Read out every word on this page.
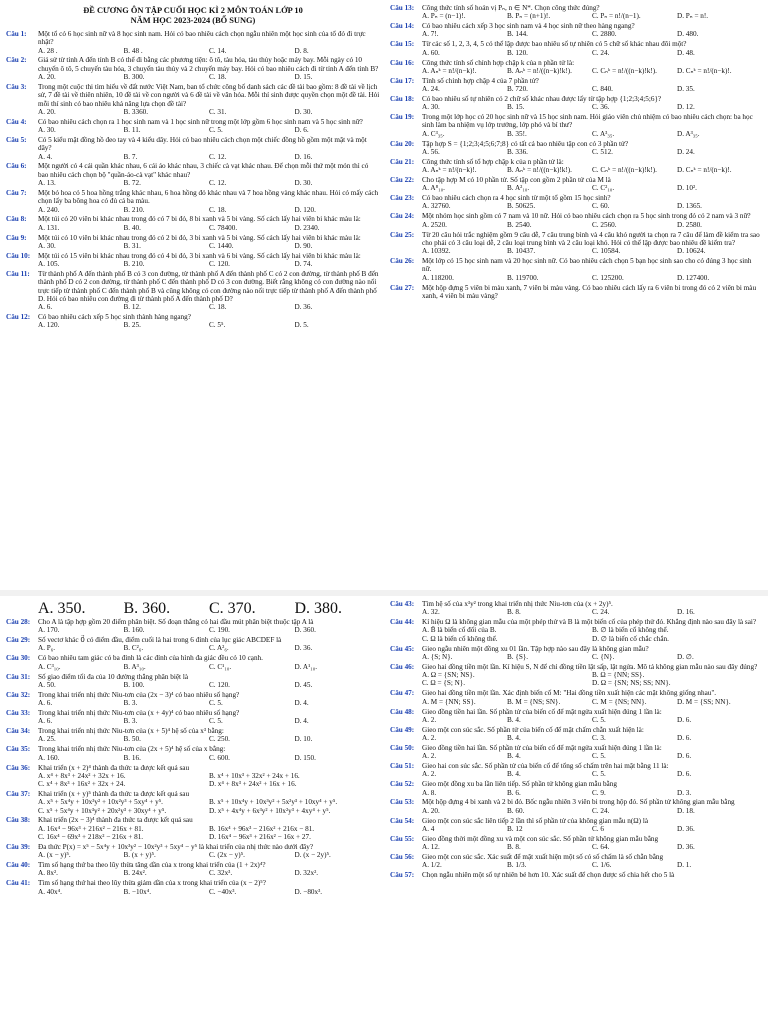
ĐỀ CƯƠNG ÔN TẬP CUỐI HỌC KÌ 2 MÔN TOÁN LỚP 10
NĂM HỌC 2023-2024 (BỔ SUNG)
Câu 1:	Một tổ có 6 học sinh nữ và 8 học sinh nam. Hỏi có bao nhiêu cách chọn ngẫu nhiên một học sinh của tổ đó đi trực nhật?
A. 28 .	B. 48 .	C. 14.	D. 8.
Câu 2:	Giả sử từ tỉnh A đến tỉnh B có thể đi bằng các phương tiện: ô tô, tàu hỏa, tàu thủy hoặc máy bay. Mỗi ngày có 10 chuyến ô tô, 5 chuyến tàu hỏa, 3 chuyến tàu thủy và 2 chuyến máy bay. Hỏi có bao nhiêu cách đi từ tỉnh A đến tỉnh B?
A. 20.	B. 300.	C. 18.	D. 15.
Câu 3:	Trong một cuộc thi tìm hiểu về đất nước Việt Nam, ban tổ chức công bố danh sách các đề tài bao gồm: 8 đề tài về lịch sử, 7 đề tài về thiên nhiên, 10 đề tài về con người và 6 đề tài về văn hóa. Mỗi thí sinh được quyền chọn một đề tài. Hỏi mỗi thí sinh có bao nhiêu khả năng lựa chọn đề tài?
A. 20.	B. 3360.	C. 31.	D. 30.
Câu 4:	Có bao nhiêu cách chọn ra 1 học sinh nam và 1 học sinh nữ trong một lớp gồm 6 học sinh nam và 5 học sinh nữ?
A. 30.	B. 11.	C. 5.	D. 6.
Câu 5:	Có 5 kiểu mặt đồng hồ đeo tay và 4 kiểu dây. Hỏi có bao nhiêu cách chọn một chiếc đồng hồ gồm một mặt và một dây?
A. 4.	B. 7.	C. 12.	D. 16.
Câu 6:	Một người có 4 cái quần khác nhau, 6 cái áo khác nhau, 3 chiếc cà vạt khác nhau. Để chọn mỗi thứ một món thì có bao nhiêu cách chọn bộ "quần-áo-cà vạt" khác nhau?
A. 13.	B. 72.	C. 12.	D. 30.
Câu 7:	Một bó hoa có 5 hoa hồng trắng khác nhau, 6 hoa hồng đỏ khác nhau và 7 hoa hồng vàng khác nhau. Hỏi có mấy cách chọn lấy ba bông hoa có đủ cả ba màu.
A. 240.	B. 210.	C. 18.	D. 120.
Câu 8:	Một túi có 20 viên bi khác nhau trong đó có 7 bi đỏ, 8 bi xanh và 5 bi vàng. Số cách lấy hai viên bi khác màu là:
A. 131.	B. 40.	C. 78400.	D. 2340.
Câu 9:	Một túi có 10 viên bi khác nhau trong đó có 2 bi đỏ, 3 bi xanh và 5 bi vàng. Số cách lấy hai viên bi khác màu là:
A. 30.	B. 31.	C. 1440.	D. 90.
Câu 10:	Một túi có 15 viên bi khác nhau trong đó có 4 bi đỏ, 3 bi xanh và 6 bi vàng. Số cách lấy hai viên bi khác màu là:
A. 105.	B. 210.	C. 120.	D. 74.
Câu 11:	Từ thành phố A đến thành phố B có 3 con đường, từ thành phố A đến thành phố C có 2 con đường, từ thành phố B đến thành phố D có 2 con đường, từ thành phố C đến thành phố D có 3 con đường. Biết rằng không có con đường nào nối trực tiếp từ thành phố C đến thành phố B và cũng không có con đường nào nối trực tiếp từ thành phố A đến thành phố D. Hỏi có bao nhiêu con đường đi từ thành phố A đến thành phố D?
A. 6.	B. 12.	C. 18.	D. 36.
Câu 12:	Có bao nhiêu cách xếp 5 học sinh thành hàng ngang?
A. 120.	B. 25.	C. 5⁵.	D. 5.
Câu 13:	Công thức tính số hoán vị Pₙ, n ∈ N*. Chọn công thức đúng?
A. Pₙ = (n−1)!.	B. Pₙ = (n+1)!.	C. Pₙ = n!/(n−1).	D. Pₙ = n!.
Câu 14:	Có bao nhiêu cách xếp 3 học sinh nam và 4 học sinh nữ theo hàng ngang?
A. 7!.	B. 144.	C. 2880.	D. 480.
Câu 15:	Từ các số 1, 2, 3, 4, 5 có thể lập được bao nhiêu số tự nhiên có 5 chữ số khác nhau đôi một?
A. 60.	B. 120.	C. 24.	D. 48.
Câu 16:	Công thức tính số chỉnh hợp chập k của n phần tử là:
A. Aₙᵏ = n!/(n−k)!.	B. Aₙᵏ = n!/((n−k)!k!).	C. Cₙᵏ = n!/((n−k)!k!).	D. Cₙᵏ = n!/(n−k)!.
Câu 17:	Tính số chỉnh hợp chập 4 của 7 phần tử?
A. 24.	B. 720.	C. 840.	D. 35.
Câu 18:	Có bao nhiêu số tự nhiên có 2 chữ số khác nhau được lấy từ tập hợp {1;2;3;4;5;6}?
A. 30.	B. 15.	C. 36.	D. 12.
Câu 19:	Trong một lớp học có 20 học sinh nữ và 15 học sinh nam. Hỏi giáo viên chủ nhiệm có bao nhiêu cách chọn: ba học sinh làm ba nhiệm vụ lớp trưởng, lớp phó và bí thư?
A. C³₃₅.	B. 35!.	C. A³₃₅.	D. A³₃₅.
Câu 20:	Tập hợp S = {1;2;3;4;5;6;7;8} có tất cả bao nhiêu tập con có 3 phần tử?
A. 56.	B. 336.	C. 512.	D. 24.
Câu 21:	Công thức tính số tổ hợp chập k của n phần tử là:
A. Aₙᵏ = n!/(n−k)!.	B. Aₙᵏ = n!/((n−k)!k!).	C. Cₙᵏ = n!/((n−k)!k!).	D. Cₙᵏ = n!/(n−k)!.
Câu 22:	Cho tập hợp M có 10 phần tử. Số tập con gồm 2 phần tử của M là
A. A⁸₁₀.	B. A²₁₀.	C. C²₁₀.	D. 10².
Câu 23:	Có bao nhiêu cách chọn ra 4 học sinh từ một tổ gồm 15 học sinh?
A. 32760.	B. 50625.	C. 60.	D. 1365.
Câu 24:	Một nhóm học sinh gồm có 7 nam và 10 nữ. Hỏi có bao nhiêu cách chọn ra 5 học sinh trong đó có 2 nam và 3 nữ?
A. 2520.	B. 2540.	C. 2560.	D. 2580.
Câu 25:	Từ 20 câu hỏi trắc nghiệm gồm 9 câu dễ, 7 câu trung bình và 4 câu khó người ta chọn ra 7 câu để làm đề kiểm tra sao cho phải có 3 câu loại dễ, 2 câu loại trung bình và 2 câu loại khó. Hỏi có thể lập được bao nhiêu đề kiểm tra?
A. 10392.	B. 10437.	C. 10584.	D. 10624.
Câu 26:	Một lớp có 15 học sinh nam và 20 học sinh nữ. Có bao nhiêu cách chọn 5 bạn học sinh sao cho có đúng 3 học sinh nữ.
A. 118200.	B. 119700.	C. 125200.	D. 127400.
Câu 27:	Một hộp đựng 5 viên bi màu xanh, 7 viên bi màu vàng. Có bao nhiêu cách lấy ra 6 viên bi trong đó có 2 viên bi màu xanh, 4 viên bi màu vàng?
A. 350.	B. 360.	C. 370.	D. 380.
Câu 28:	Cho A là tập hợp gồm 20 điểm phân biệt. Số đoạn thẳng có hai đầu mút phân biệt thuộc tập A là
A. 170.	B. 160.	C. 190.	D. 360.
Câu 29:	Số vectơ khác 0⃗ có điểm đầu, điểm cuối là hai trong 6 đỉnh của lục giác ABCDEF là
A. P₆.	B. C²₆.	C. A²₆.	D. 36.
Câu 30:	Có bao nhiêu tam giác có ba đỉnh là các đỉnh của hình đa giác đều có 10 cạnh.
A. C³₁₀.	B. A³₁₀.	C. C¹₁₀.	D. A¹₁₀.
Câu 31:	Số giao điểm tối đa của 10 đường thẳng phân biệt là
A. 50.	B. 100.	C. 120.	D. 45.
Câu 32:	Trong khai triển nhị thức Niu-tơn của (2x − 3)⁴ có bao nhiêu số hạng?
A. 6.	B. 3.	C. 5.	D. 4.
Câu 33:	Trong khai triển nhị thức Niu-tơn của (x + 4y)⁴ có bao nhiêu số hạng?
A. 6.	B. 3.	C. 5.	D. 4.
Câu 34:	Trong khai triển nhị thức Niu-tơn của (x + 5)⁴ hệ số của x³ bằng:
A. 25.	B. 50.	C. 250.	D. 10.
Câu 35:	Trong khai triển nhị thức Niu-tơn của (2x + 5)⁴ hệ số của x bằng:
A. 160.	B. 16.	C. 600.	D. 150.
Câu 36:	Khai triển (x + 2)⁴ thành đa thức ta được kết quả sau
A. x⁴ + 8x³ + 24x² + 32x + 16.	B. x⁴ + 10x³ + 32x² + 24x + 16.
C. x⁴ + 8x³ + 16x² + 32x + 24.	D. x⁴ + 8x³ + 24x² + 16x + 16.
Câu 37:	Khai triển (x + y)⁵ thành đa thức ta được kết quả sau
A. x⁵ + 5x⁴y + 10x³y² + 10x²y³ + 5xy⁴ + y⁵.	B. x⁵ + 10x⁴y + 10x³y² + 5x²y³ + 10xy⁴ + y⁵.
C. x⁵ + 5x⁴y + 10x³y² + 20x²y³ + 30xy⁴ + y⁵.	D. x⁵ + 4x⁴y + 6x³y² + 10x²y³ + 4xy⁴ + y⁵.
Câu 38:	Khai triển (2x − 3)⁴ thành đa thức ta được kết quả sau
A. 16x⁴ − 96x³ + 216x² − 216x + 81.	B. 16x⁴ + 96x³ − 216x² + 216x − 81.
C. 16x⁴ − 69x³ + 218x² − 216x + 81.	D. 16x⁴ − 96x³ + 216x² − 16x + 27.
Câu 39:	Đa thức P(x) = x⁵ − 5x⁴y + 10x³y² − 10x²y³ + 5xy⁴ − y⁵ là khai triển của nhị thức nào dưới đây?
A. (x − y)⁵.	B. (x + y)⁵.	C. (2x − y)⁵.	D. (x − 2y)⁵.
Câu 40:	Tìm số hạng thứ ba theo lũy thừa tăng dần của x trong khai triển của (1 + 2x)⁴?
A. 8x².	B. 24x².	C. 32x³.	D. 32x².
Câu 41:	Tìm số hạng thứ hai theo lũy thừa giảm dần của x trong khai triển của (x − 2)⁵?
A. 40x⁴.	B. −10x⁴.	C. −40x³.	D. −80x³.
Câu 43:	Tìm hệ số của x³y² trong khai triển nhị thức Niu-tơn của (x + 2y)⁵.
A. 32.	B. 8.	C. 24.	D. 16.
Câu 44:	Kí hiệu Ω là không gian mẫu của một phép thử và B là một biến cố của phép thử đó. Khẳng định nào sau đây là sai?
A. B̄ là biến cố đối của B.	B. ∅ là biến cố không thể.
C. Ω là biến cố không thể.	D. ∅ là biến cố chắc chắn.
Câu 45:	Gieo ngẫu nhiên một đồng xu 01 lần. Tập hợp nào sau đây là không gian mẫu?
A. {S; N}.	B. {S}.	C. {N}.	D. ∅.
Câu 46:	Gieo hai đồng tiền một lần. Kí hiệu S, N để chỉ đồng tiền lật sấp, lật ngửa. Mô tả không gian mẫu nào sau đây đúng?
A. Ω = {SN; NS}.	B. Ω = {NN; SS}.
C. Ω = {S; N}.	D. Ω = {SN; NS; SS; NN}.
Câu 47:	Gieo hai đồng tiền một lần. Xác định biến cố M: "Hai đồng tiền xuất hiện các mặt không giống nhau".
A. M = {NN; SS}.	B. M = {NS; SN}.	C. M = {NS; NN}.	D. M = {SS; NN}.
Câu 48:	Gieo đồng tiền hai lần. Số phần tử của biến cố để mặt ngửa xuất hiện đúng 1 lần là:
A. 2.	B. 4.	C. 5.	D. 6.
Câu 49:	Gieo một con súc sắc. Số phần tử của biến cố để mặt chấm chẵn xuất hiện là:
A. 2.	B. 4.	C. 3.	D. 6.
Câu 50:	Gieo đồng tiền hai lần. Số phần tử của biến cố để mặt ngửa xuất hiện đúng 1 lần là:
A. 2.	B. 4.	C. 5.	D. 6.
Câu 51:	Gieo hai con súc sắc. Số phần tử của biến cố để tổng số chấm trên hai mặt bằng 11 là:
A. 2.	B. 4.	C. 5.	D. 6.
Câu 52:	Gieo một đồng xu ba lần liên tiếp. Số phần tử không gian mẫu bằng
A. 8.	B. 6.	C. 9.	D. 3.
Câu 53:	Một hộp đựng 4 bi xanh và 2 bi đỏ. Bốc ngẫu nhiên 3 viên bi trong hộp đó. Số phần tử không gian mẫu bằng
A. 20.	B. 60.	C. 24.	D. 18.
Câu 54:	Gieo một con súc sắc liên tiếp 2 lần thì số phần tử của không gian mẫu n(Ω) là
A. 4	B. 12	C. 6	D. 36.
Câu 55:	Gieo đồng thời một đồng xu và một con súc sắc. Số phần tử không gian mẫu bằng
A. 12.	B. 8.	C. 64.	D. 36.
Câu 56:	Gieo một con súc sắc. Xác suất để mặt xuất hiện một số có số chấm là số chẵn bằng
A. 1/2.	B. 1/3.	C. 1/6.	D. 1.
Câu 57:	Chọn ngẫu nhiên một số tự nhiên bé hơn 10. Xác suất để chọn được số chia hết cho 5 là
